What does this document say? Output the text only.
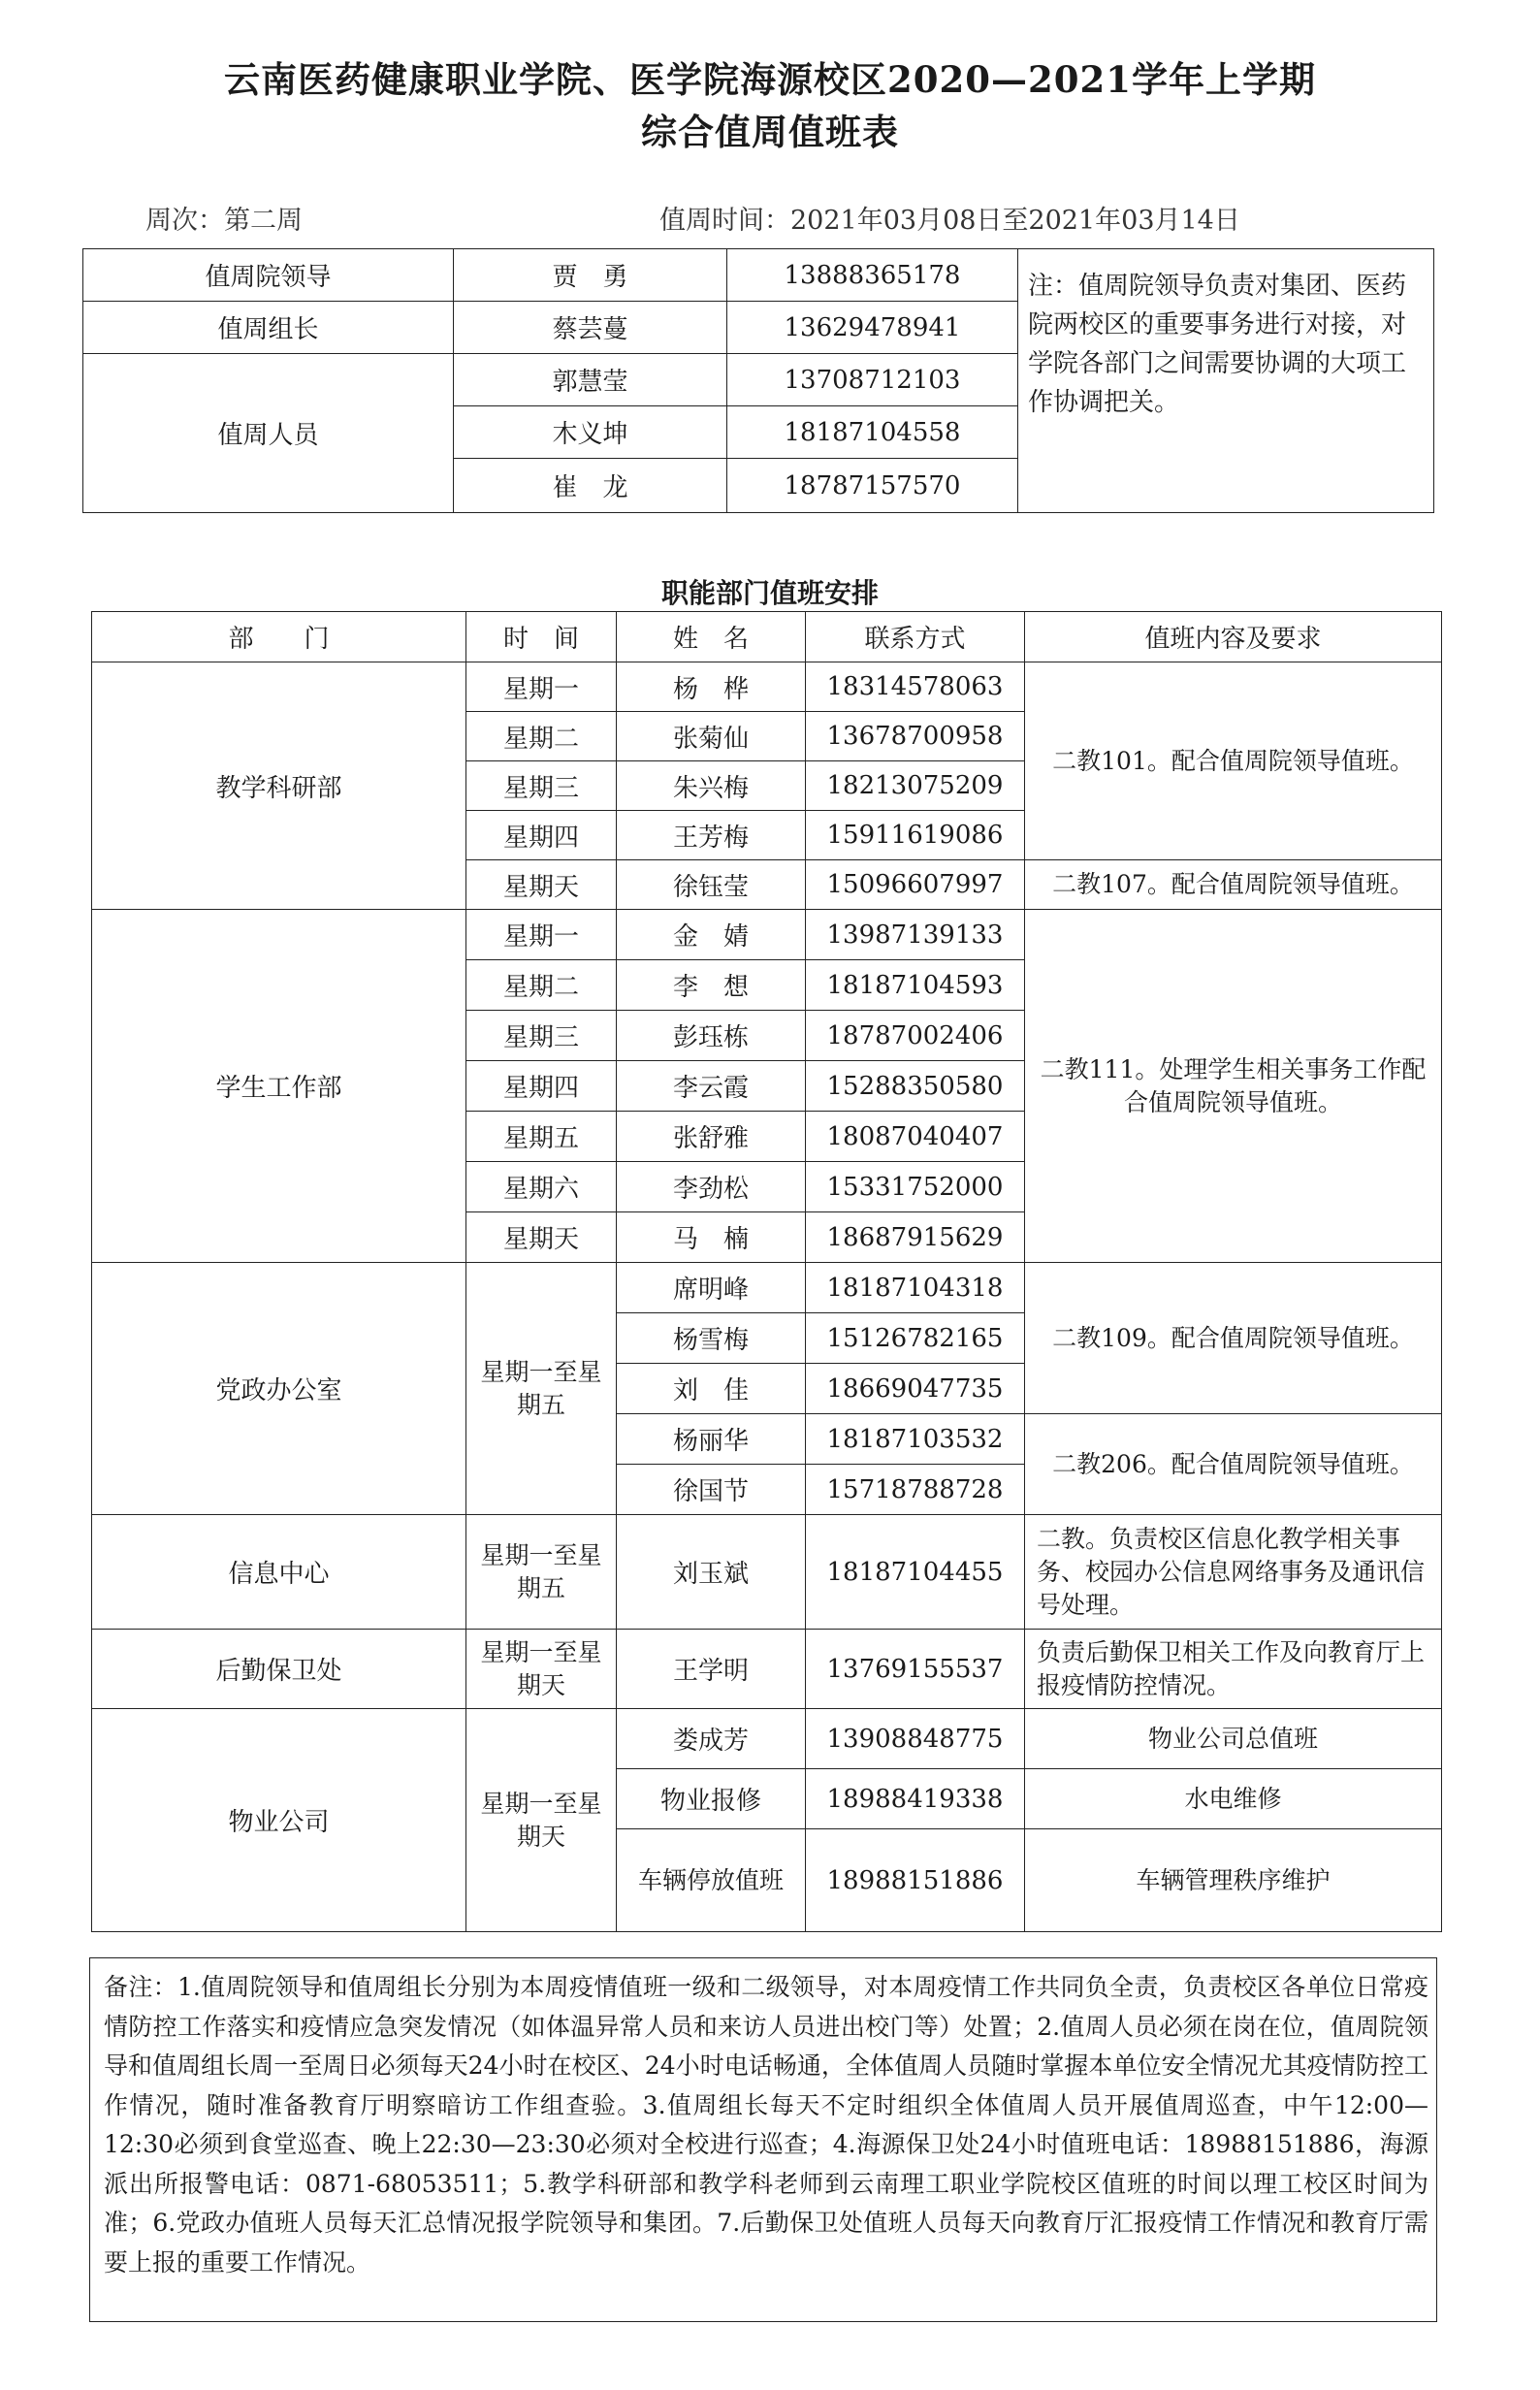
云南医药健康职业学院、医学院海源校区2020—2021学年上学期
综合值周值班表
周次：第二周	值周时间：2021年03月08日至2021年03月14日
值周院领导	贾　勇	13888365178	注：值周院领导负责对集团、医药院两校区的重要事务进行对接，对学院各部门之间需要协调的大项工作协调把关。
值周组长	蔡芸蔓	13629478941	
值周人员	郭慧莹	13708712103	
	木义坤	18187104558	
	崔　龙	18787157570	
职能部门值班安排
部　　门	时　间	姓　名	联系方式	值班内容及要求
教学科研部	星期一	杨　桦	18314578063	二教101。配合值周院领导值班。
	星期二	张菊仙	13678700958	
	星期三	朱兴梅	18213075209	
	星期四	王芳梅	15911619086	
	星期天	徐钰莹	15096607997	二教107。配合值周院领导值班。
学生工作部	星期一	金　婧	13987139133	二教111。处理学生相关事务工作配合值周院领导值班。
	星期二	李　想	18187104593	
	星期三	彭珏栋	18787002406	
	星期四	李云霞	15288350580	
	星期五	张舒雅	18087040407	
	星期六	李劲松	15331752000	
	星期天	马　楠	18687915629	
党政办公室	星期一至星期五	席明峰	18187104318	二教109。配合值周院领导值班。
		杨雪梅	15126782165	
		刘　佳	18669047735	
		杨丽华	18187103532	二教206。配合值周院领导值班。
		徐国节	15718788728	
信息中心	星期一至星期五	刘玉斌	18187104455	二教。负责校区信息化教学相关事务、校园办公信息网络事务及通讯信号处理。
后勤保卫处	星期一至星期天	王学明	13769155537	负责后勤保卫相关工作及向教育厅上报疫情防控情况。
物业公司	星期一至星期天	娄成芳	13908848775	物业公司总值班
		物业报修	18988419338	水电维修
		车辆停放值班	18988151886	车辆管理秩序维护
备注：1.值周院领导和值周组长分别为本周疫情值班一级和二级领导，对本周疫情工作共同负全责，负责校区各单位日常疫情防控工作落实和疫情应急突发情况（如体温异常人员和来访人员进出校门等）处置；2.值周人员必须在岗在位，值周院领导和值周组长周一至周日必须每天24小时在校区、24小时电话畅通，全体值周人员随时掌握本单位安全情况尤其疫情防控工作情况，随时准备教育厅明察暗访工作组查验。3.值周组长每天不定时组织全体值周人员开展值周巡查，中午12:00—12:30必须到食堂巡查、晚上22:30—23:30必须对全校进行巡查；4.海源保卫处24小时值班电话：18988151886，海源派出所报警电话：0871-68053511；5.教学科研部和教学科老师到云南理工职业学院校区值班的时间以理工校区时间为准；6.党政办值班人员每天汇总情况报学院领导和集团。7.后勤保卫处值班人员每天向教育厅汇报疫情工作情况和教育厅需要上报的重要工作情况。
